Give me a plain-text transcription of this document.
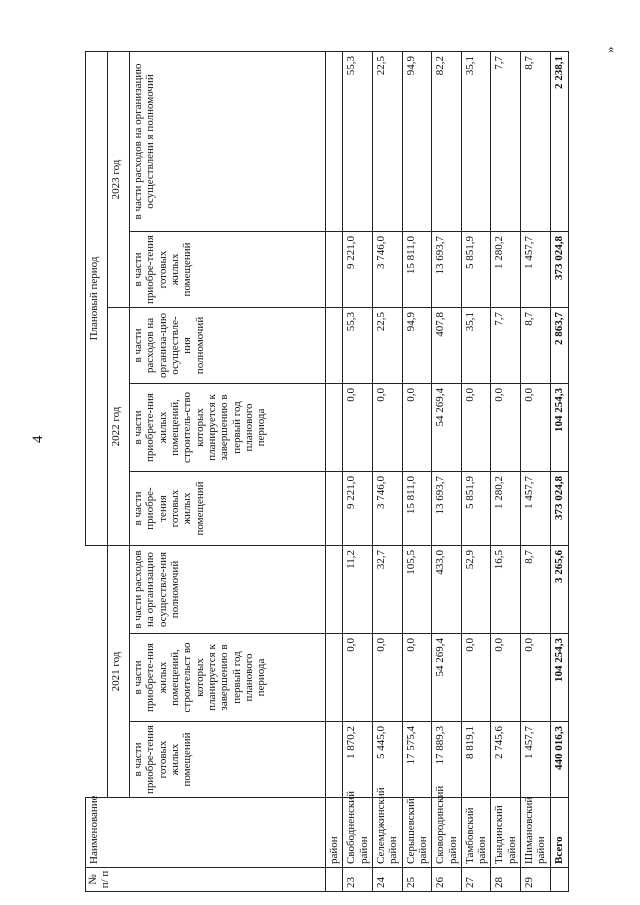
4
№ п/ п	Наименование				Плановый период				
		2021 год			2022 год			2023 год	
		в части приобре-тения готовых жилых помещений	в части приобрете-ния жилых помещений, строительст во которых планируется к завершению в первый год планового периода	в части расходов на организацию осуществле-ния полномочий	в части приобре-тения готовых жилых помещений	в части приобрете-ния жилых помещений, строитель-ство которых планируется к завершению в первый год планового периода	в части расходов на организа-цию осуществле-ния полномочий	в части приобре-тения готовых жилых помещений	в части расходов на организацию осуществлени я полномочий
	район								
23	Свободненский район	1 870,2	0,0	11,2	9 221,0	0,0	55,3	9 221,0	55,3
24	Селемджинский район	5 445,0	0,0	32,7	3 746,0	0,0	22,5	3 746,0	22,5
25	Серышевский район	17 575,4	0,0	105,5	15 811,0	0,0	94,9	15 811,0	94,9
26	Сковородинский район	17 889,3	54 269,4	433,0	13 693,7	54 269,4	407,8	13 693,7	82,2
27	Тамбовский район	8 819,1	0,0	52,9	5 851,9	0,0	35,1	5 851,9	35,1
28	Тындинский район	2 745,6	0,0	16,5	1 280,2	0,0	7,7	1 280,2	7,7
29	Шимановский район	1 457,7	0,0	8,7	1 457,7	0,0	8,7	1 457,7	8,7
	Всего	440 016,3	104 254,3	3 265,6	373 024,8	104 254,3	2 863,7	373 024,8	2 238,1
»
